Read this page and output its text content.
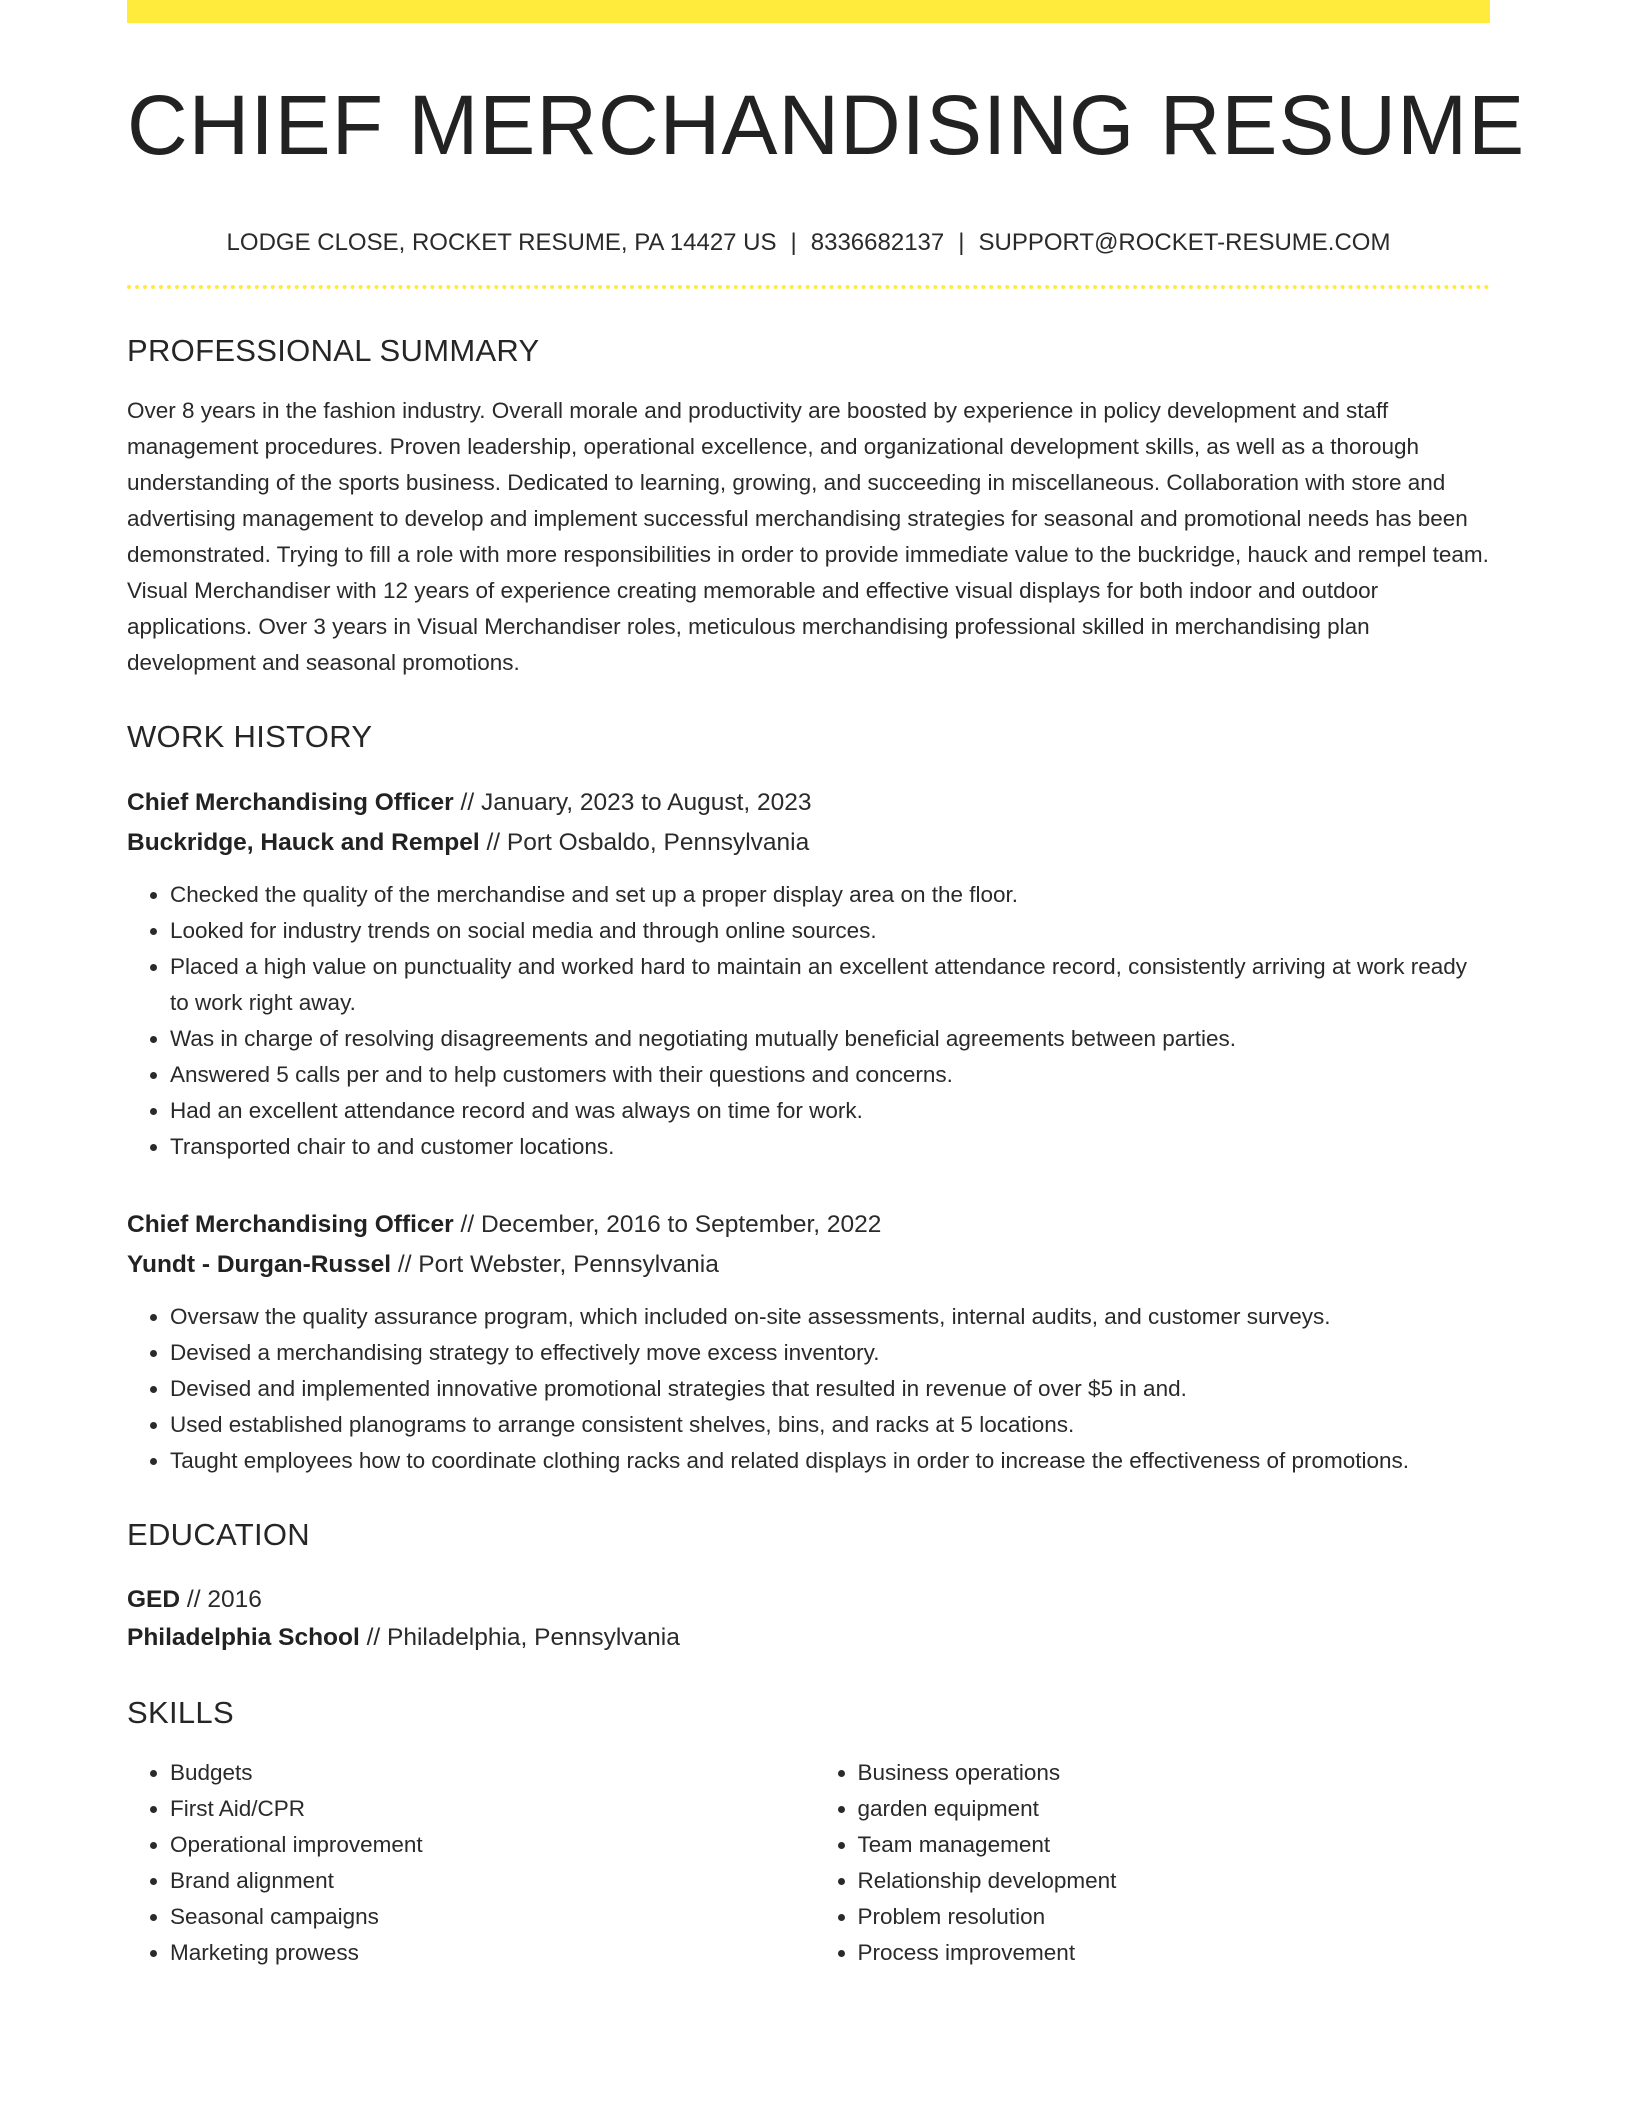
CHIEF MERCHANDISING RESUME
LODGE CLOSE, ROCKET RESUME, PA 14427 US | 8336682137 | SUPPORT@ROCKET-RESUME.COM
PROFESSIONAL SUMMARY
Over 8 years in the fashion industry. Overall morale and productivity are boosted by experience in policy development and staff management procedures. Proven leadership, operational excellence, and organizational development skills, as well as a thorough understanding of the sports business. Dedicated to learning, growing, and succeeding in miscellaneous. Collaboration with store and advertising management to develop and implement successful merchandising strategies for seasonal and promotional needs has been demonstrated. Trying to fill a role with more responsibilities in order to provide immediate value to the buckridge, hauck and rempel team. Visual Merchandiser with 12 years of experience creating memorable and effective visual displays for both indoor and outdoor applications. Over 3 years in Visual Merchandiser roles, meticulous merchandising professional skilled in merchandising plan development and seasonal promotions.
WORK HISTORY
Chief Merchandising Officer // January, 2023 to August, 2023
Buckridge, Hauck and Rempel // Port Osbaldo, Pennsylvania
• Checked the quality of the merchandise and set up a proper display area on the floor.
• Looked for industry trends on social media and through online sources.
• Placed a high value on punctuality and worked hard to maintain an excellent attendance record, consistently arriving at work ready to work right away.
• Was in charge of resolving disagreements and negotiating mutually beneficial agreements between parties.
• Answered 5 calls per and to help customers with their questions and concerns.
• Had an excellent attendance record and was always on time for work.
• Transported chair to and customer locations.
Chief Merchandising Officer // December, 2016 to September, 2022
Yundt - Durgan-Russel // Port Webster, Pennsylvania
• Oversaw the quality assurance program, which included on-site assessments, internal audits, and customer surveys.
• Devised a merchandising strategy to effectively move excess inventory.
• Devised and implemented innovative promotional strategies that resulted in revenue of over $5 in and.
• Used established planograms to arrange consistent shelves, bins, and racks at 5 locations.
• Taught employees how to coordinate clothing racks and related displays in order to increase the effectiveness of promotions.
EDUCATION
GED // 2016
Philadelphia School // Philadelphia, Pennsylvania
SKILLS
• Budgets
• First Aid/CPR
• Operational improvement
• Brand alignment
• Seasonal campaigns
• Marketing prowess
• Business operations
• garden equipment
• Team management
• Relationship development
• Problem resolution
• Process improvement
